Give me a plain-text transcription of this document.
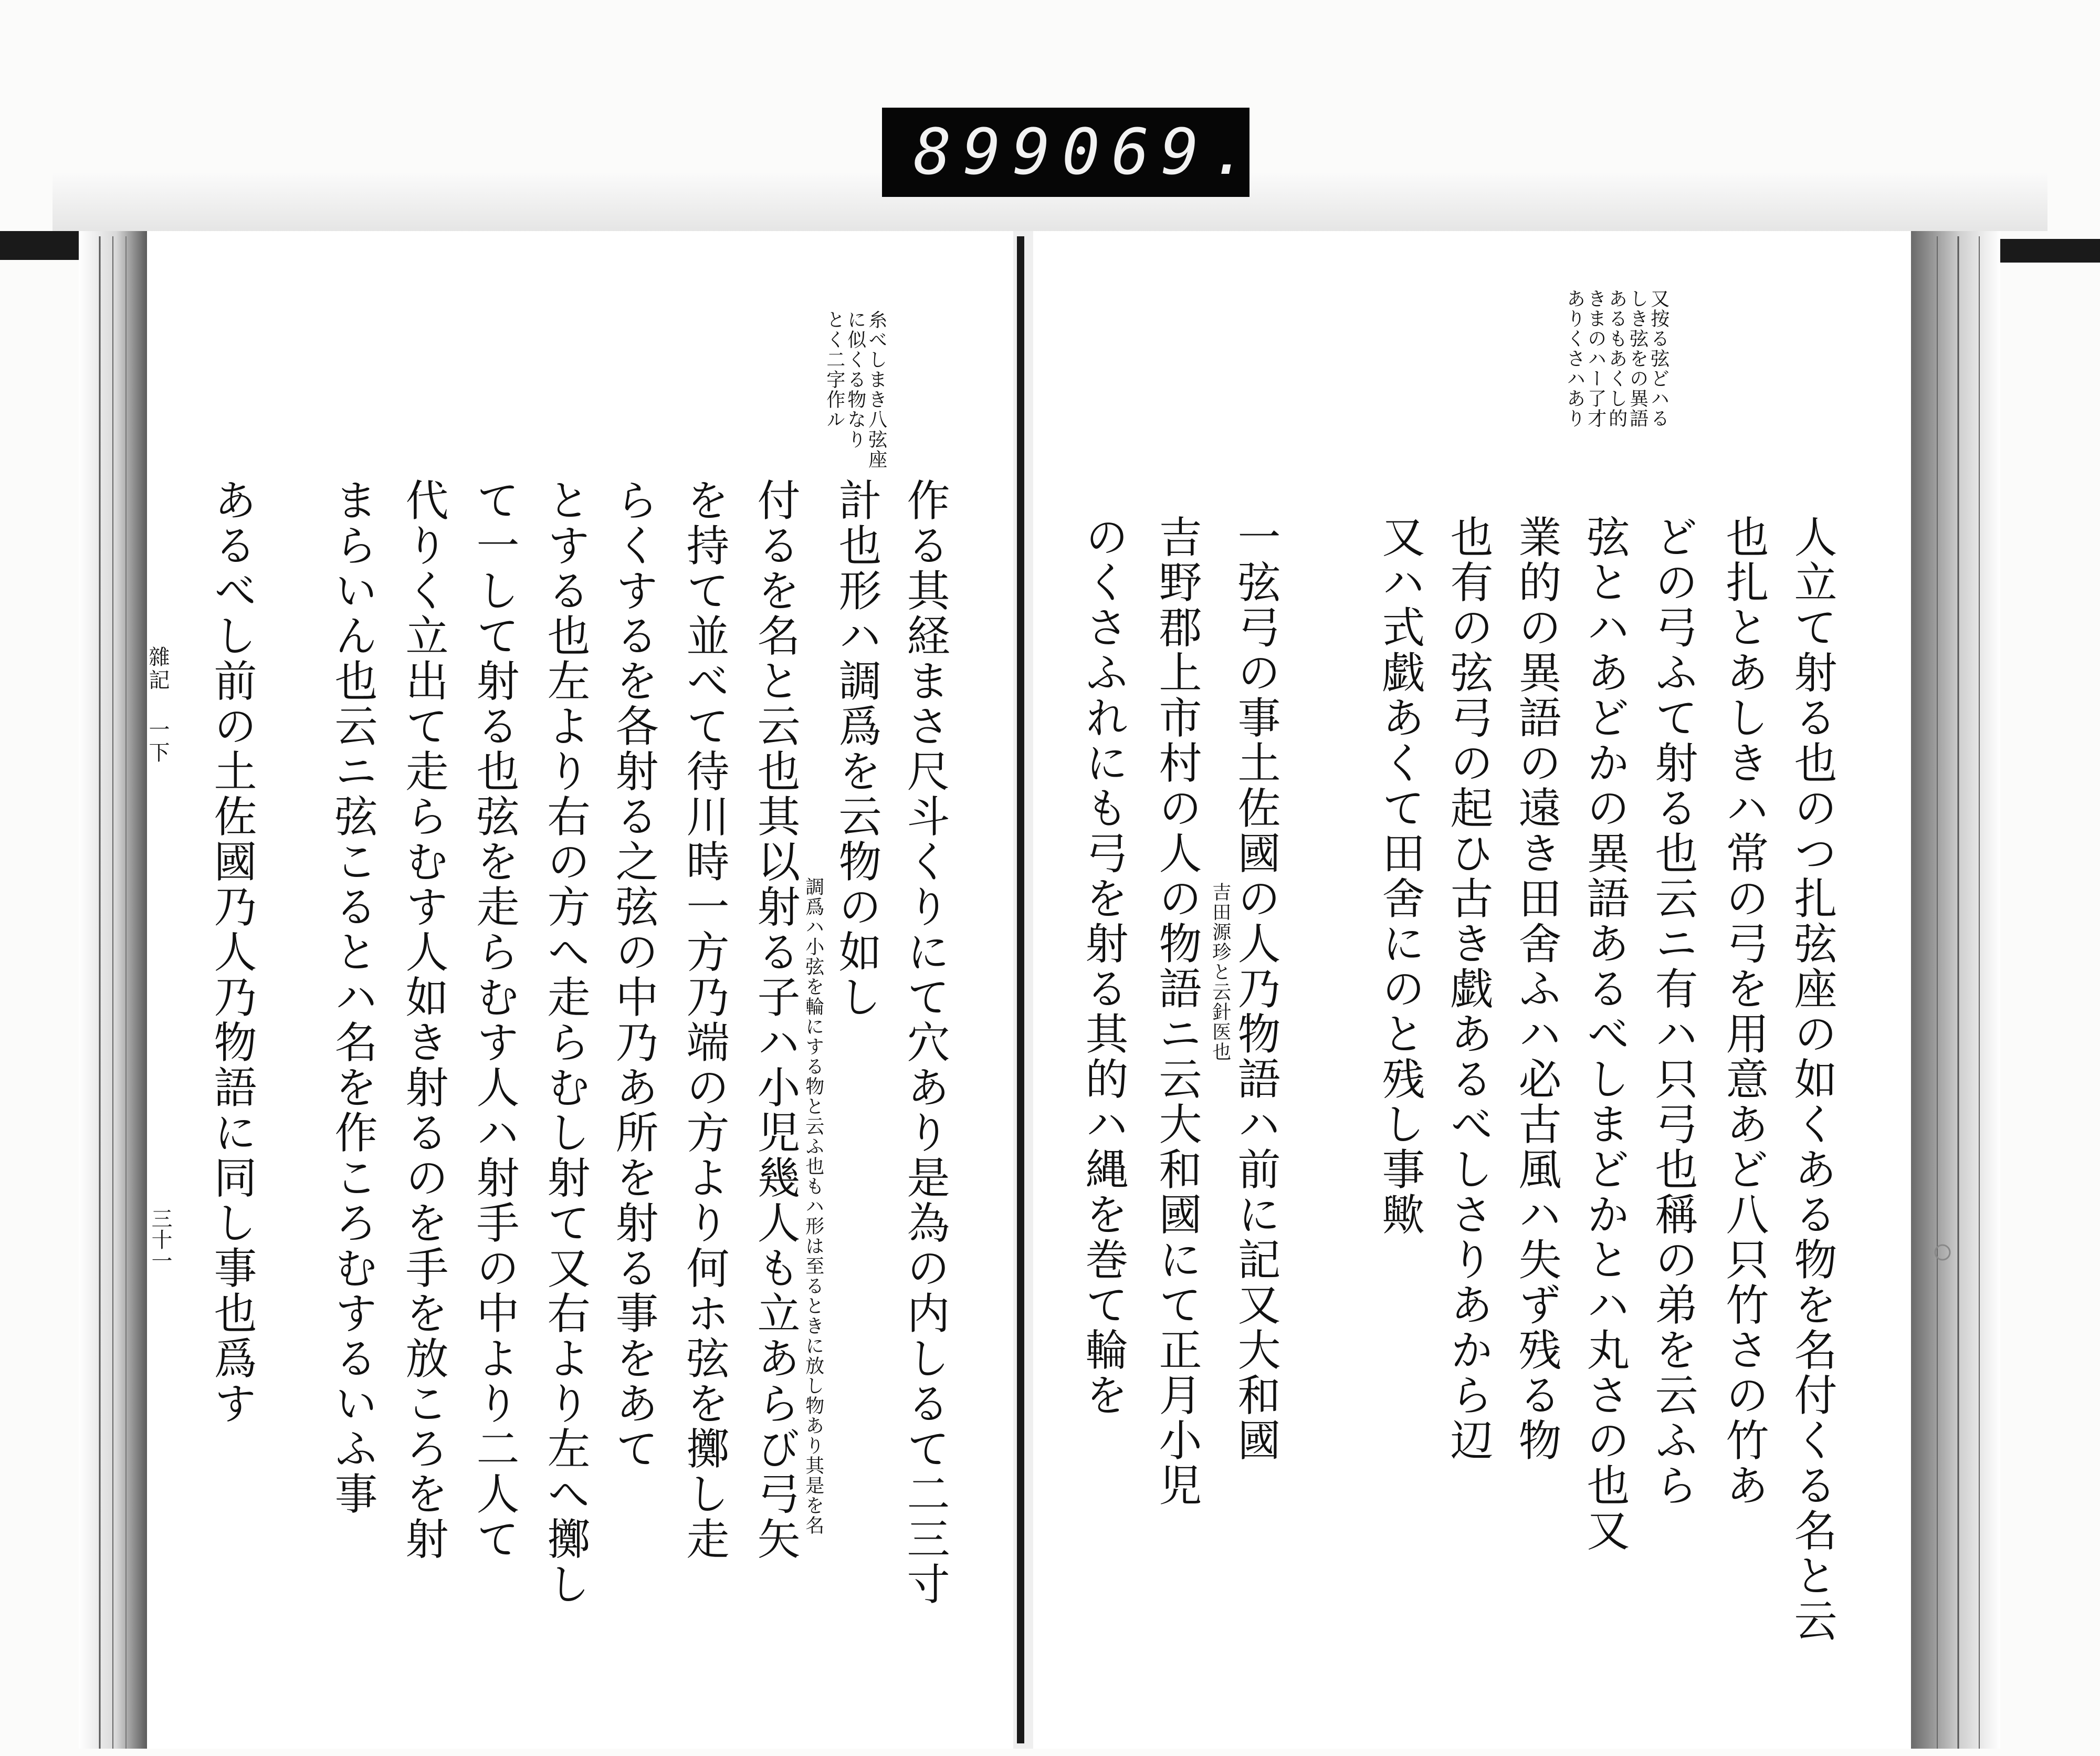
899 069.
又按る弦どハる
しき弦をの異語
あるもあくし的
きまのハー了才
ありくさハあり
人立て射る也のつ扎弦座の如くある物を名付くる名と云
也扎とあしきハ常の弓を用意あど八只竹さの竹あ
どの弓ふて射る也云ニ有ハ只弓也稱の弟を云ふら
弦とハあどかの異語あるべしまどかとハ丸さの也又
業的の異語の遠き田舍ふハ必古風ハ失ず残る物
也有の弦弓の起ひ古き戯あるべしさりあから辺
又ハ式戯あくて田舍にのと残し事歟
一弦弓の事土佐國の人乃物語ハ前に記又大和國
吉野郡上市村の人の物語ニ云大和國にて正月小児 吉田源珍と云針医也
のくさふれにも弓を射る其的ハ縄を巻て輪を
糸べしまき八弦座
に似くる物なり
とく二字作ル
作る其経まさ尺斗くりにて穴あり是為の内しるて二三寸
計也形ハ調爲を云物の如し
調爲ハ小弦を輪にする物と云ふ也もハ形は至るときに放し物あり其是を名
付るを名と云也其以射る子ハ小児幾人も立あらび弓矢
を持て並べて待川時一方乃端の方より何ホ弦を擲し走
らくするを各射る之弦の中乃あ所を射る事をあて
とする也左より右の方へ走らむし射て又右より左へ擲し
て一して射る也弦を走らむす人ハ射手の中より二人て
代りく立出て走らむす人如き射るのを手を放ころを射
まらいん也云ニ弦こるとハ名を作ころむするいふ事
あるべし前の土佐國乃人乃物語に同し事也爲す
雜記 一下
三十一
